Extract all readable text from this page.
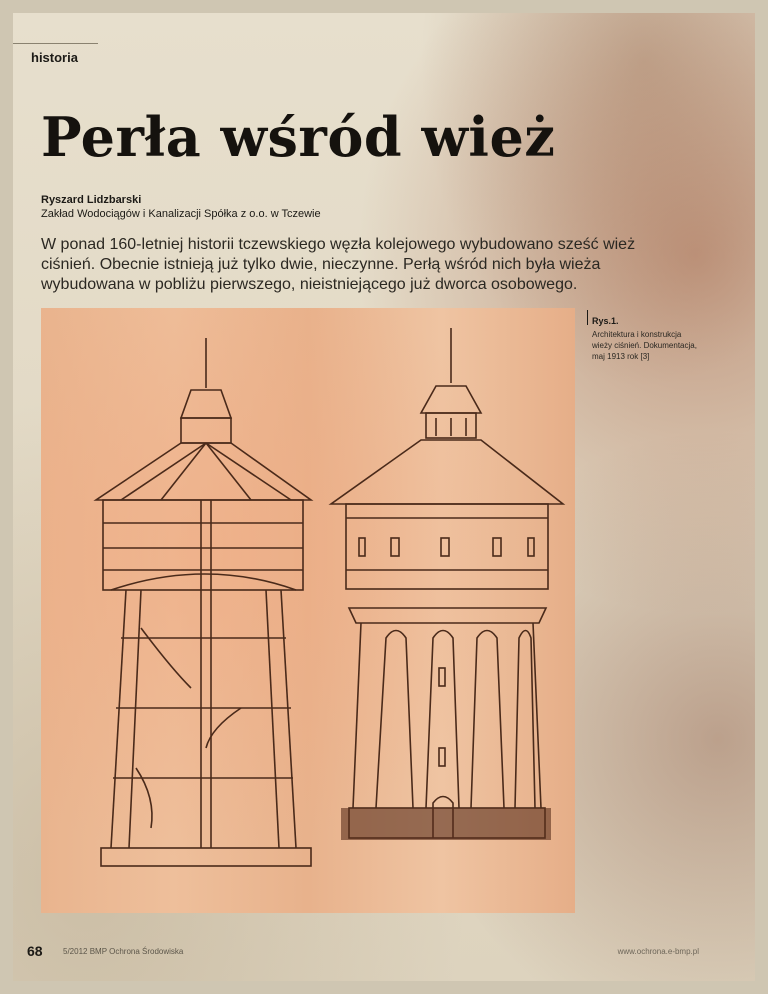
historia
Perła wśród wież
Ryszard Lidzbarski
Zakład Wodociągów i Kanalizacji Spółka z o.o. w Tczewie
W ponad 160-letniej historii tczewskiego węzła kolejowego wybudowano sześć wież ciśnień. Obecnie istnieją już tylko dwie, nieczynne. Perłą wśród nich była wieża wybudowana w pobliżu pierwszego, nieistniejącego już dworca osobowego.
Rys.1.
Architektura i konstrukcja wieży ciśnień. Dokumentacja, maj 1913 rok [3]
68	5/2012 BMP Ochrona Środowiska	www.ochrona.e-bmp.pl
